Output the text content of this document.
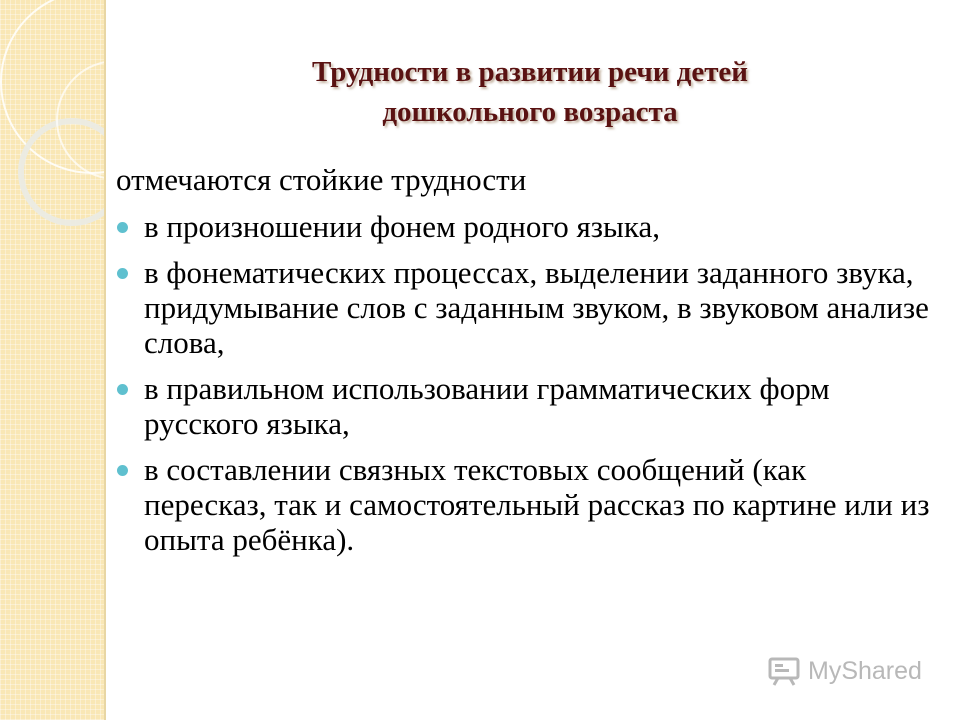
Трудности в развитии речи детей
дошкольного возраста

отмечаются стойкие трудности

в произношении фонем родного языка,
в фонематических процессах, выделении заданного звука, придумывание слов с заданным звуком, в звуковом анализе слова,
в правильном использовании грамматических форм русского языка,
в составлении связных текстовых сообщений (как пересказ, так и самостоятельный рассказ по картине или из опыта ребёнка).
MyShared
